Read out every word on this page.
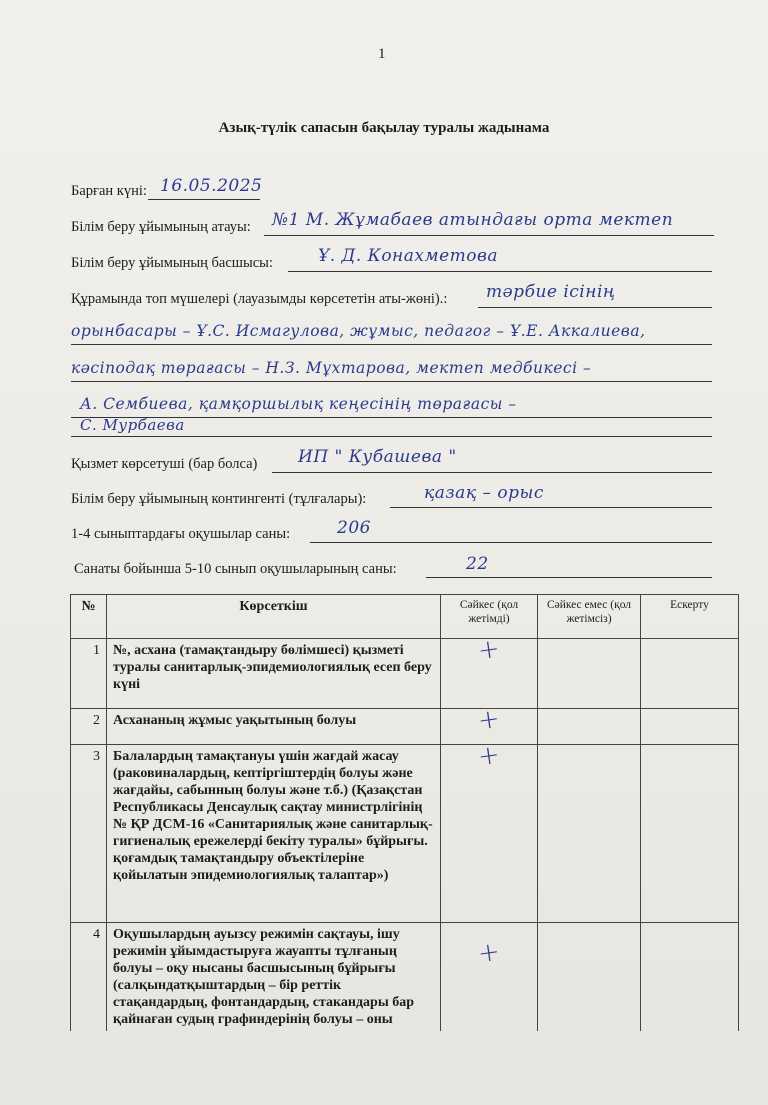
1
Азық-түлік сапасын бақылау туралы жадынама
Барған күні: 16.05.2025
Білім беру ұйымының атауы: №1 М. Жұмабаев атындағы орта мектеп
Білім беру ұйымының басшысы:	Ұ. Д. Конахметова
Құрамында топ мүшелері (лауазымды көрсететін аты-жөні).: тәрбие ісінің
орынбасары – Ұ.С. Исмагулова, жұмыс, педагог – Ұ.Е. Аккалиева,
кәсіподақ төрағасы – Н.З. Мұхтарова, мектеп медбикесі –
А. Сембиева, қамқоршылық кеңесінің төрағасы –
С. Мурбаева
Қызмет көрсетуші (бар болса) ИП " Кубашева "
Білім беру ұйымының контингенті (тұлғалары):	қазақ – орыс
1-4 сыныптардағы оқушылар саны:	206
Санаты бойынша 5-10 сынып оқушыларының саны:	22
№	Көрсеткіш	Сәйкес (қол жетімді)	Сәйкес емес (қол жетімсіз)	Ескерту
1	№, асхана (тамақтандыру бөлімшесі) қызметі туралы санитарлық-эпидемиологиялық есеп беру күні	+		
2	Асхананың жұмыс уақытының болуы	+		
3	Балалардың тамақтануы үшін жағдай жасау (раковиналардың, кептіргіштердің болуы және жағдайы, сабынның болуы және т.б.) (Қазақстан Республикасы Денсаулық сақтау министрлігінің № ҚР ДСМ-16 «Санитариялық және санитарлық-гигиеналық ережелерді бекіту туралы» бұйрығы. қоғамдық тамақтандыру объектілеріне қойылатын эпидемиологиялық талаптар»)	+		
4	Оқушылардың ауызсу режимін сақтауы, ішу режимін ұйымдастыруға жауапты тұлғаның болуы – оқу нысаны басшысының бұйрығы (салқындатқыштардың – бір реттік стақандардың, фонтандардың, стакандары бар қайнаған судың графиндерінің болуы – оны	+		
